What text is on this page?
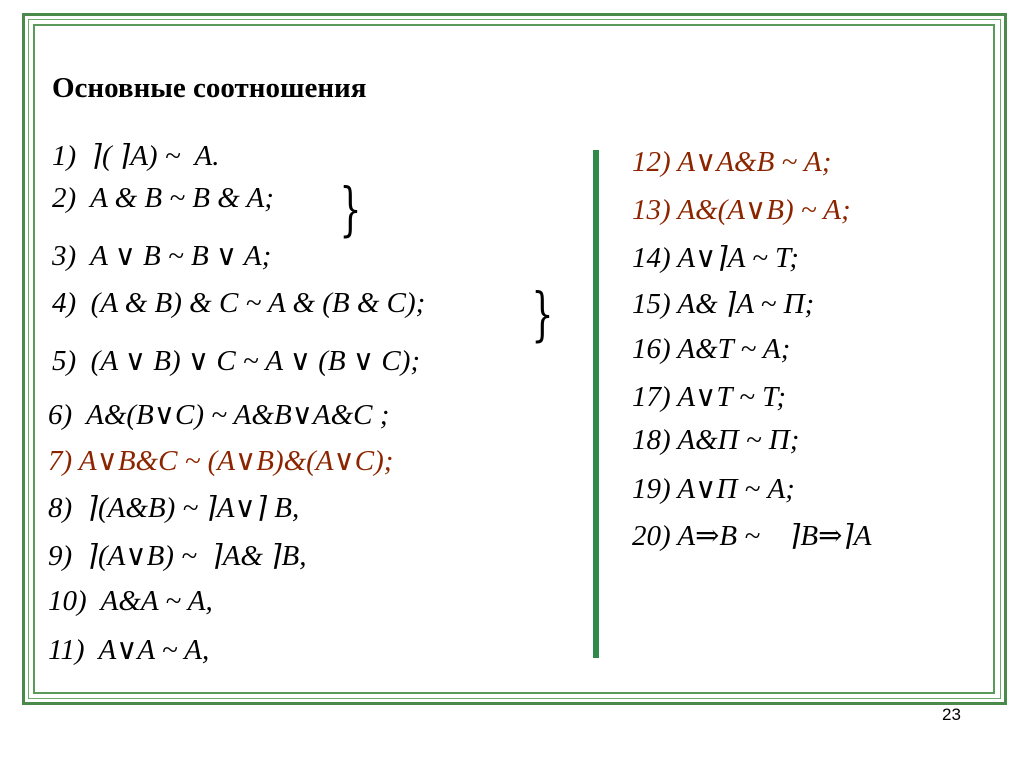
Основные соотношения
1)  ⌉( ⌉A) ~  A.
2)  A & B ~ B & A;
3)  A ∨ B ~ B ∨ A;
4)  (A & B) & C ~ A & (B & C);
5)  (A ∨ B) ∨ C ~ A ∨ (B ∨ C);
6)  A&(B∨C) ~ A&B∨A&C ;
7) A∨B&C ~ (A∨B)&(A∨C);
8)  ⌉(A&B) ~ ⌉A∨⌉ B,
9)  ⌉(A∨B) ~  ⌉A& ⌉B,
10)  A&A ~ A,
11)  A∨A ~ A,
}
}
12) A∨A&B ~ A;
13) A&(A∨B) ~ A;
14) A∨⌉A ~ T;
15) A& ⌉A ~ П;
16) A&T ~ A;
17) A∨T ~ T;
18) A&П ~ П;
19) A∨П ~ A;
20) A⇒B ~    ⌉B⇒⌉A
23
